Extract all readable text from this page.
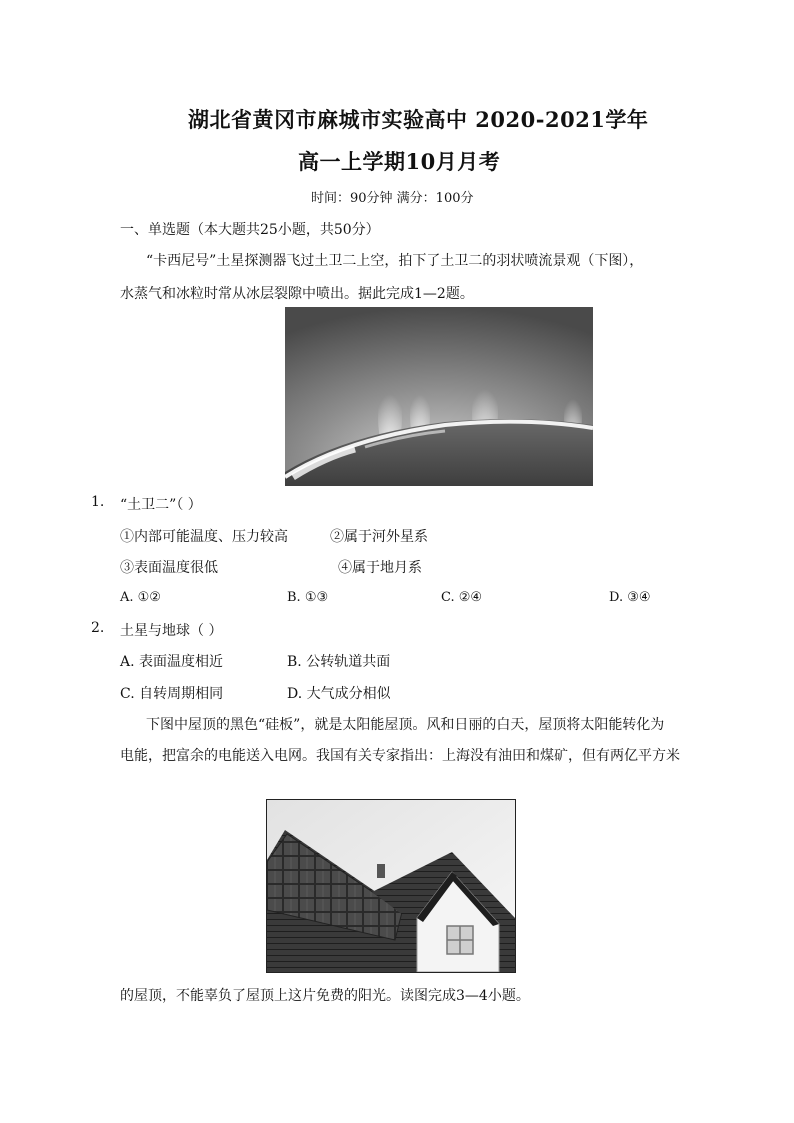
湖北省黄冈市麻城市实验高中 2020-2021学年
高一上学期10月月考
时间：90分钟 满分：100分
一、单选题（本大题共25小题，共50分）
“卡西尼号”土星探测器飞过土卫二上空，拍下了土卫二的羽状喷流景观（下图），
水蒸气和冰粒时常从冰层裂隙中喷出。据此完成1—2题。
1. “土卫二”（ ）
①内部可能温度、压力较高	②属于河外星系
③表面温度很低	④属于地月系
A. ①②	B. ①③	C. ②④	D. ③④
2. 土星与地球（ ）
A. 表面温度相近	B. 公转轨道共面
C. 自转周期相同	D. 大气成分相似
下图中屋顶的黑色“硅板”，就是太阳能屋顶。风和日丽的白天，屋顶将太阳能转化为
电能，把富余的电能送入电网。我国有关专家指出：上海没有油田和煤矿，但有两亿平方米
的屋顶，不能辜负了屋顶上这片免费的阳光。读图完成3—4小题。
